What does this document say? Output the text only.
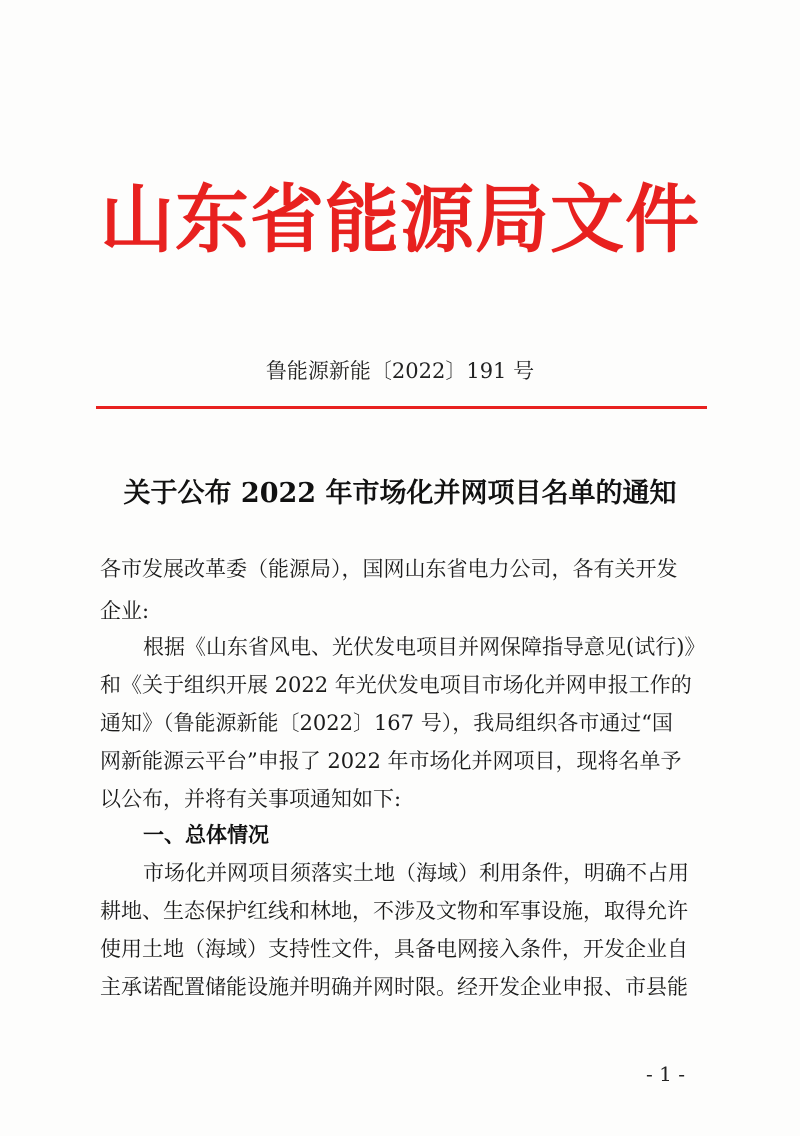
山东省能源局文件
鲁能源新能〔2022〕191 号
关于公布 2022 年市场化并网项目名单的通知
各市发展改革委（能源局），国网山东省电力公司，各有关开发
企业:
根据《山东省风电、光伏发电项目并网保障指导意见(试行)》
和《关于组织开展 2022 年光伏发电项目市场化并网申报工作的
通知》（鲁能源新能〔2022〕167 号），我局组织各市通过“国
网新能源云平台”申报了 2022 年市场化并网项目，现将名单予
以公布，并将有关事项通知如下:
一、总体情况
市场化并网项目须落实土地（海域）利用条件，明确不占用
耕地、生态保护红线和林地，不涉及文物和军事设施，取得允许
使用土地（海域）支持性文件，具备电网接入条件，开发企业自
主承诺配置储能设施并明确并网时限。经开发企业申报、市县能
- 1 -
